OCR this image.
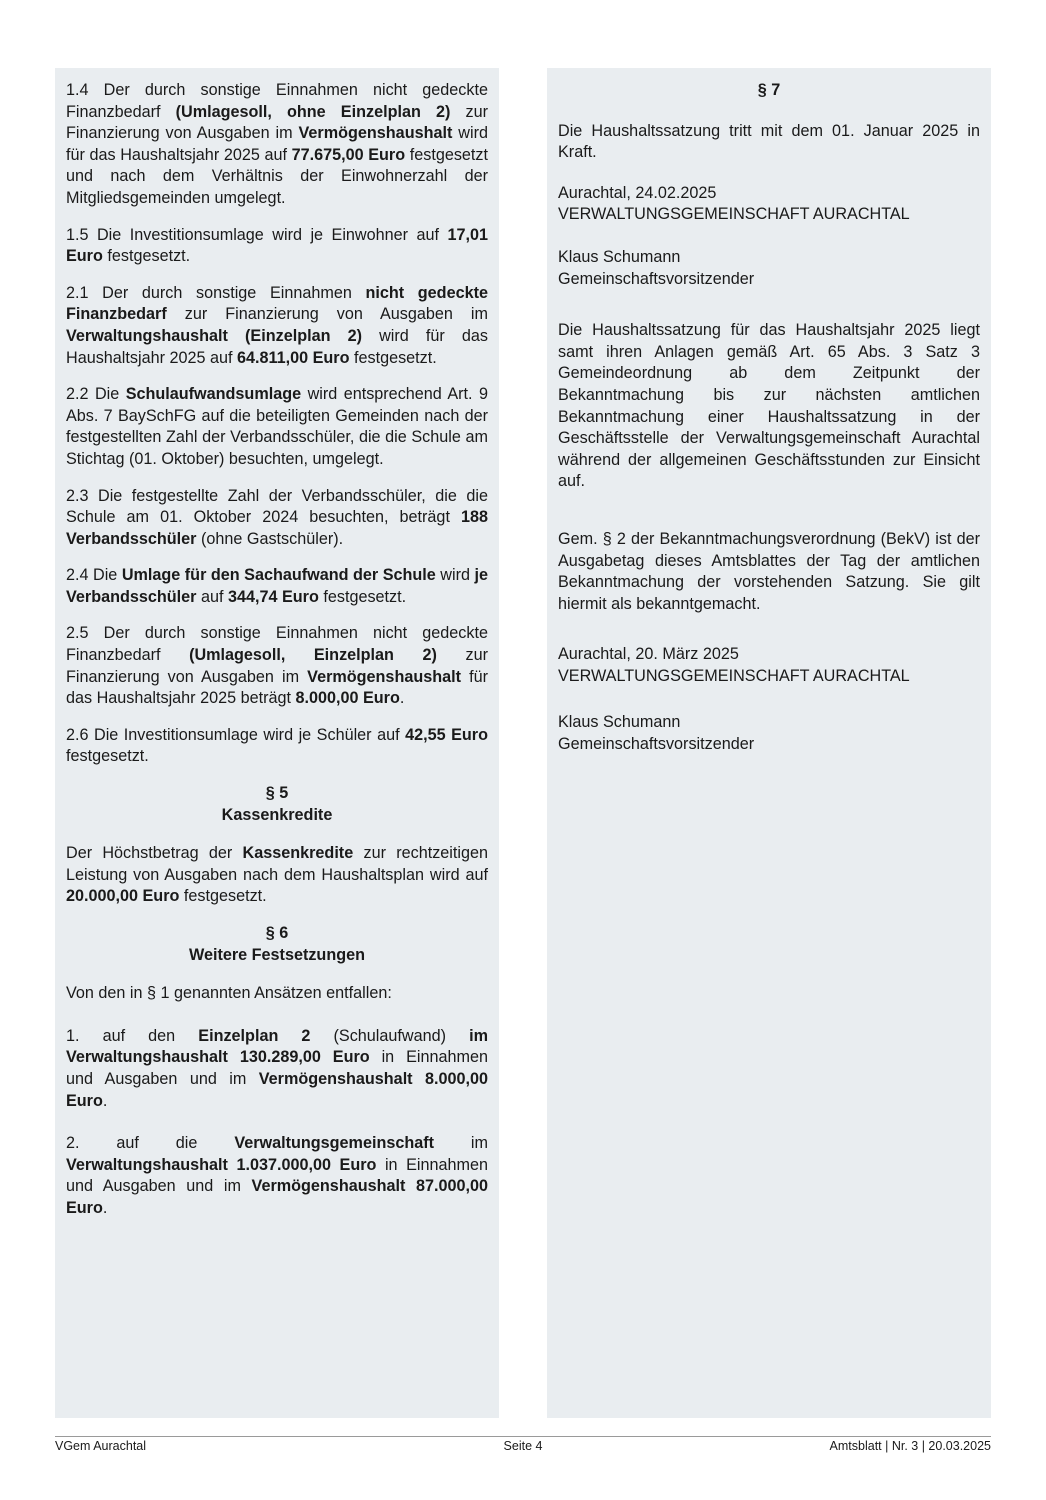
1.4 Der durch sonstige Einnahmen nicht gedeckte Finanzbedarf (Umlagesoll, ohne Einzelplan 2) zur Finanzierung von Ausgaben im Vermögenshaushalt wird für das Haushaltsjahr 2025 auf 77.675,00 Euro festgesetzt und nach dem Verhältnis der Einwohnerzahl der Mitgliedsgemeinden umgelegt.

1.5 Die Investitionsumlage wird je Einwohner auf 17,01 Euro festgesetzt.

2.1 Der durch sonstige Einnahmen nicht gedeckte Finanzbedarf zur Finanzierung von Ausgaben im Verwaltungshaushalt (Einzelplan 2) wird für das Haushaltsjahr 2025 auf 64.811,00 Euro festgesetzt.

2.2 Die Schulaufwandsumlage wird entsprechend Art. 9 Abs. 7 BaySchFG auf die beteiligten Gemeinden nach der festgestellten Zahl der Verbandsschüler, die die Schule am Stichtag (01. Oktober) besuchten, umgelegt.

2.3 Die festgestellte Zahl der Verbandsschüler, die die Schule am 01. Oktober 2024 besuchten, beträgt 188 Verbandsschüler (ohne Gastschüler).

2.4 Die Umlage für den Sachaufwand der Schule wird je Verbandsschüler auf 344,74 Euro festgesetzt.

2.5 Der durch sonstige Einnahmen nicht gedeckte Finanzbedarf (Umlagesoll, Einzelplan 2) zur Finanzierung von Ausgaben im Vermögenshaushalt für das Haushaltsjahr 2025 beträgt 8.000,00 Euro.

2.6 Die Investitionsumlage wird je Schüler auf 42,55 Euro festgesetzt.

§ 5
Kassenkredite

Der Höchstbetrag der Kassenkredite zur rechtzeitigen Leistung von Ausgaben nach dem Haushaltsplan wird auf 20.000,00 Euro festgesetzt.

§ 6
Weitere Festsetzungen

Von den in § 1 genannten Ansätzen entfallen:

1. auf den Einzelplan 2 (Schulaufwand) im Verwaltungshaushalt 130.289,00 Euro in Einnahmen und Ausgaben und im Vermögenshaushalt 8.000,00 Euro.

2. auf die Verwaltungsgemeinschaft im Verwaltungshaushalt 1.037.000,00 Euro in Einnahmen und Ausgaben und im Vermögenshaushalt 87.000,00 Euro.

§ 7

Die Haushaltssatzung tritt mit dem 01. Januar 2025 in Kraft.

Aurachtal, 24.02.2025

VERWALTUNGSGEMEINSCHAFT AURACHTAL

Klaus Schumann

Gemeinschaftsvorsitzender

Die Haushaltssatzung für das Haushaltsjahr 2025 liegt samt ihren Anlagen gemäß Art. 65 Abs. 3 Satz 3 Gemeindeordnung ab dem Zeitpunkt der Bekanntmachung bis zur nächsten amtlichen Bekanntmachung einer Haushaltssatzung in der Geschäftsstelle der Verwaltungsgemeinschaft Aurachtal während der allgemeinen Geschäftsstunden zur Einsicht auf.

Gem. § 2 der Bekanntmachungsverordnung (BekV) ist der Ausgabetag dieses Amtsblattes der Tag der amtlichen Bekanntmachung der vorstehenden Satzung. Sie gilt hiermit als bekanntgemacht.

Aurachtal, 20. März 2025

VERWALTUNGSGEMEINSCHAFT AURACHTAL

Klaus Schumann

Gemeinschaftsvorsitzender

VGem Aurachtal	Seite 4	Amtsblatt | Nr. 3 | 20.03.2025
